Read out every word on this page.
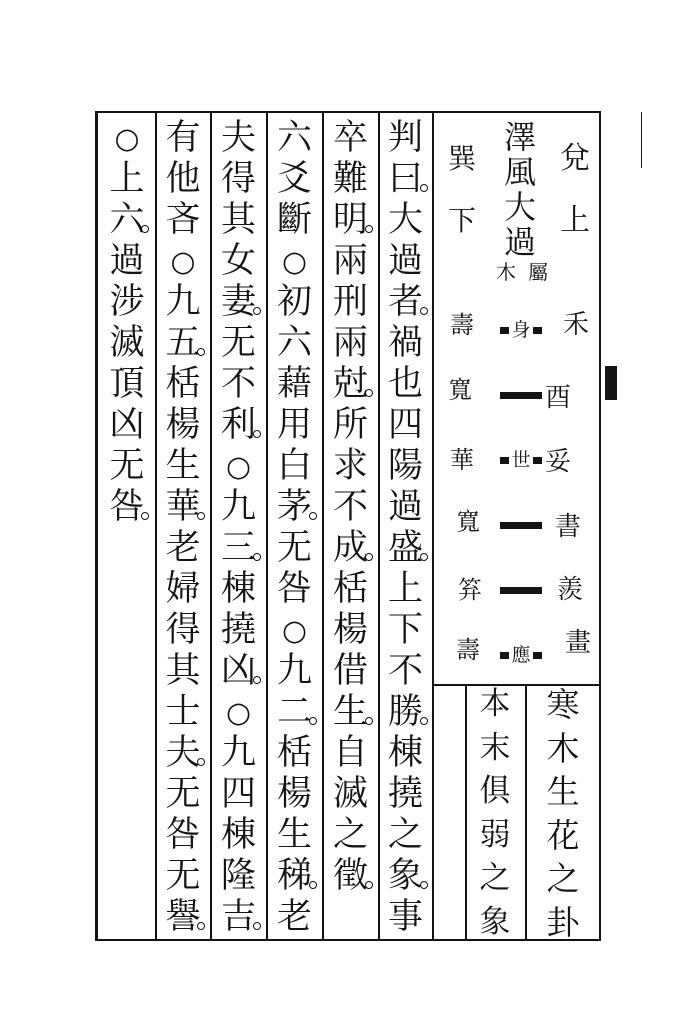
兌
上
巽
下
澤
風
大
過
木 屬
禾
酉
妥
書
羨
畫
壽
寬
華
寬
笲
壽
身
世
應
寒
木
生
花
之
卦
本
末
俱
弱
之
象
判
曰
大
過
者
禍
也
四
陽
過
盛
上
下
不
勝
棟
撓
之
象
事
卒
難
明
兩
刑
兩
尅
所
求
不
成
栝
楊
借
生
自
滅
之
徵
六
爻
斷
○
初
六
藉
用
白
茅
无
咎
○
九
二
栝
楊
生
稊
老
夫
得
其
女
妻
无
不
利
○
九
三
棟
撓
凶
○
九
四
棟
隆
吉
有
他
吝
○
九
五
栝
楊
生
華
老
婦
得
其
士
夫
无
咎
无
譽
○
上
六
過
涉
滅
頂
凶
无
咎
